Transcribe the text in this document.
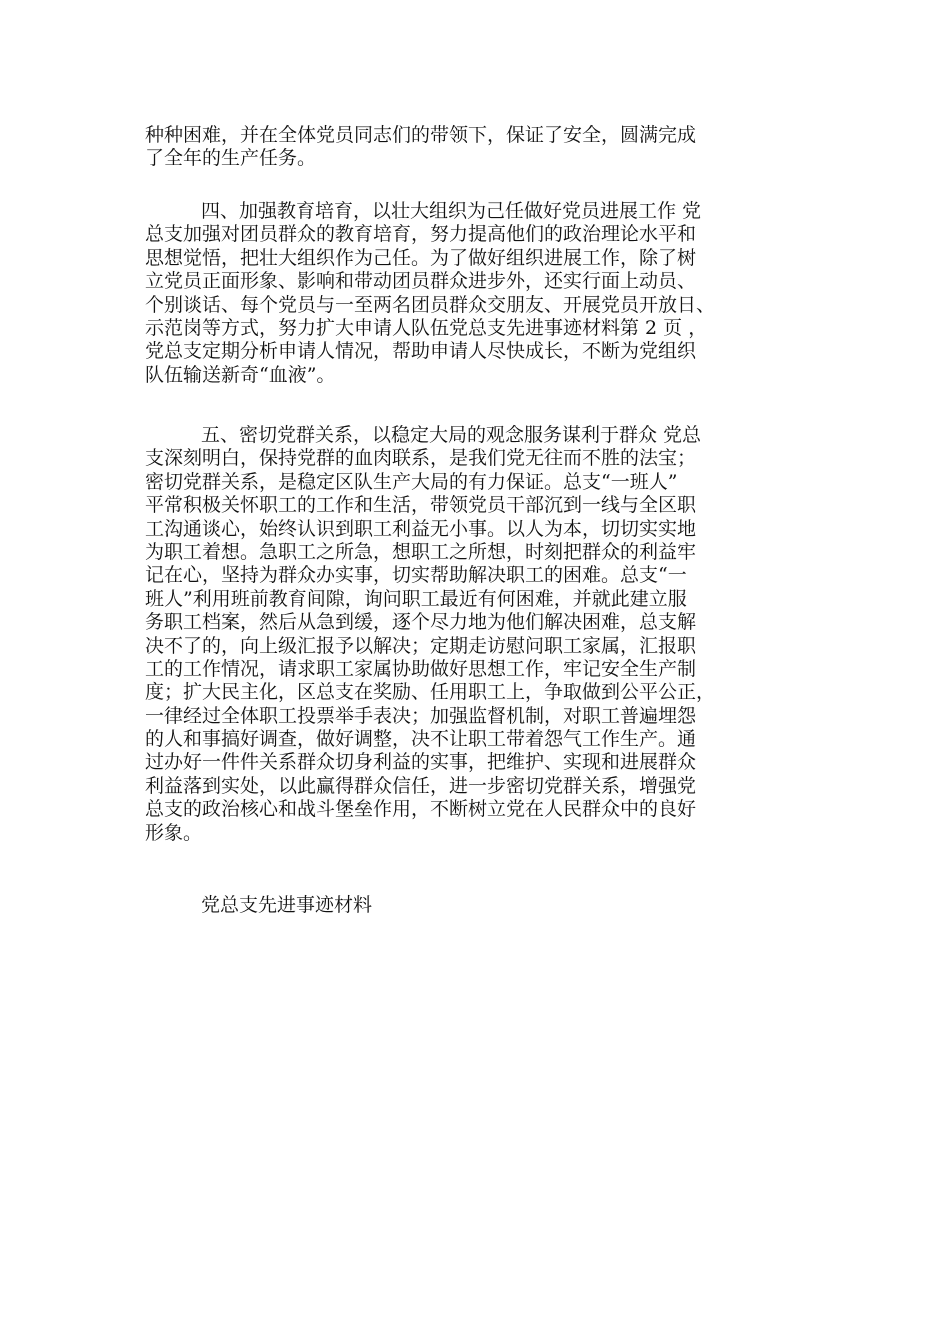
种种困难，并在全体党员同志们的带领下，保证了安全，圆满完成
了全年的生产任务。

四、加强教育培育，以壮大组织为己任做好党员进展工作 党
总支加强对团员群众的教育培育，努力提高他们的政治理论水平和
思想觉悟，把壮大组织作为己任。为了做好组织进展工作，除了树
立党员正面形象、影响和带动团员群众进步外，还实行面上动员、
个别谈话、每个党员与一至两名团员群众交朋友、开展党员开放日、
示范岗等方式，努力扩大申请人队伍党总支先进事迹材料第 2 页 ，
党总支定期分析申请人情况，帮助申请人尽快成长，不断为党组织
队伍输送新奇“血液”。

五、密切党群关系，以稳定大局的观念服务谋利于群众 党总
支深刻明白，保持党群的血肉联系，是我们党无往而不胜的法宝；
密切党群关系，是稳定区队生产大局的有力保证。总支“一班人”
平常积极关怀职工的工作和生活，带领党员干部沉到一线与全区职
工沟通谈心，始终认识到职工利益无小事。以人为本，切切实实地
为职工着想。急职工之所急，想职工之所想，时刻把群众的利益牢
记在心，坚持为群众办实事，切实帮助解决职工的困难。总支“一
班人”利用班前教育间隙，询问职工最近有何困难，并就此建立服
务职工档案，然后从急到缓，逐个尽力地为他们解决困难，总支解
决不了的，向上级汇报予以解决；定期走访慰问职工家属，汇报职
工的工作情况，请求职工家属协助做好思想工作，牢记安全生产制
度；扩大民主化，区总支在奖励、任用职工上，争取做到公平公正，
一律经过全体职工投票举手表决；加强监督机制，对职工普遍埋怨
的人和事搞好调查，做好调整，决不让职工带着怨气工作生产。通
过办好一件件关系群众切身利益的实事，把维护、实现和进展群众
利益落到实处，以此赢得群众信任，进一步密切党群关系，增强党
总支的政治核心和战斗堡垒作用，不断树立党在人民群众中的良好
形象。

党总支先进事迹材料
